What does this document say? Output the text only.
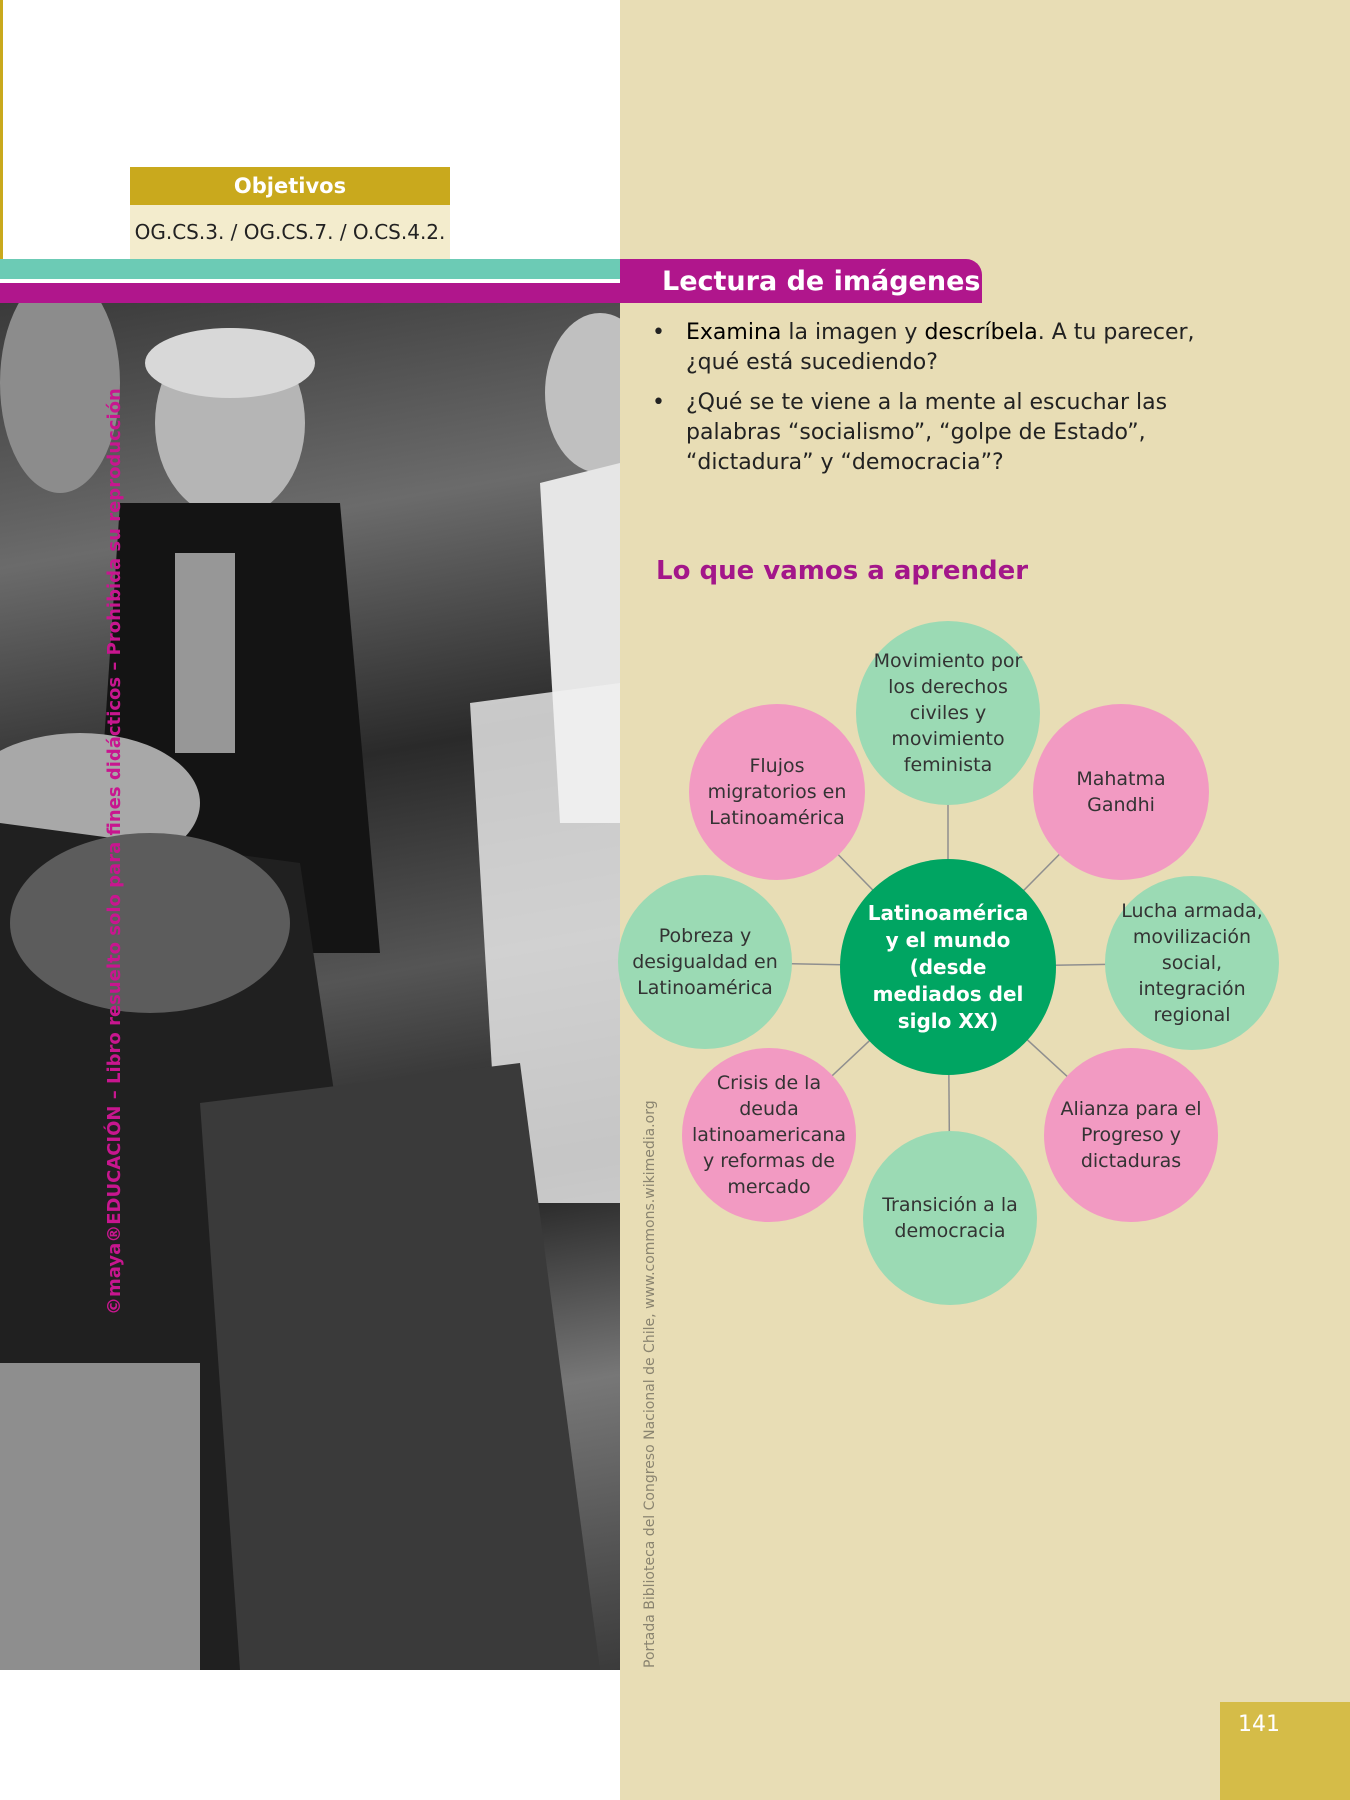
Objetivos
OG.CS.3. / OG.CS.7. / O.CS.4.2.
©maya®EDUCACIÓN – Libro resuelto solo para fines didácticos – Prohibida su reproducción
Portada Biblioteca del Congreso Nacional de Chile, www.commons.wikimedia.org
Lectura de imágenes
• Examina la imagen y descríbela. A tu parecer, ¿qué está sucediendo?
• ¿Qué se te viene a la mente al escuchar las palabras “socialismo”, “golpe de Estado”, “dictadura” y “democracia”?
Lo que vamos a aprender
Movimiento por los derechos civiles y movimiento feminista
Mahatma Gandhi
Lucha armada, movilización social, integración regional
Alianza para el Progreso y dictaduras
Transición a la democracia
Crisis de la deuda latinoamericana y reformas de mercado
Pobreza y desigualdad en Latinoamérica
Flujos migratorios en Latinoamérica
Latinoamérica y el mundo (desde mediados del siglo XX)
141
